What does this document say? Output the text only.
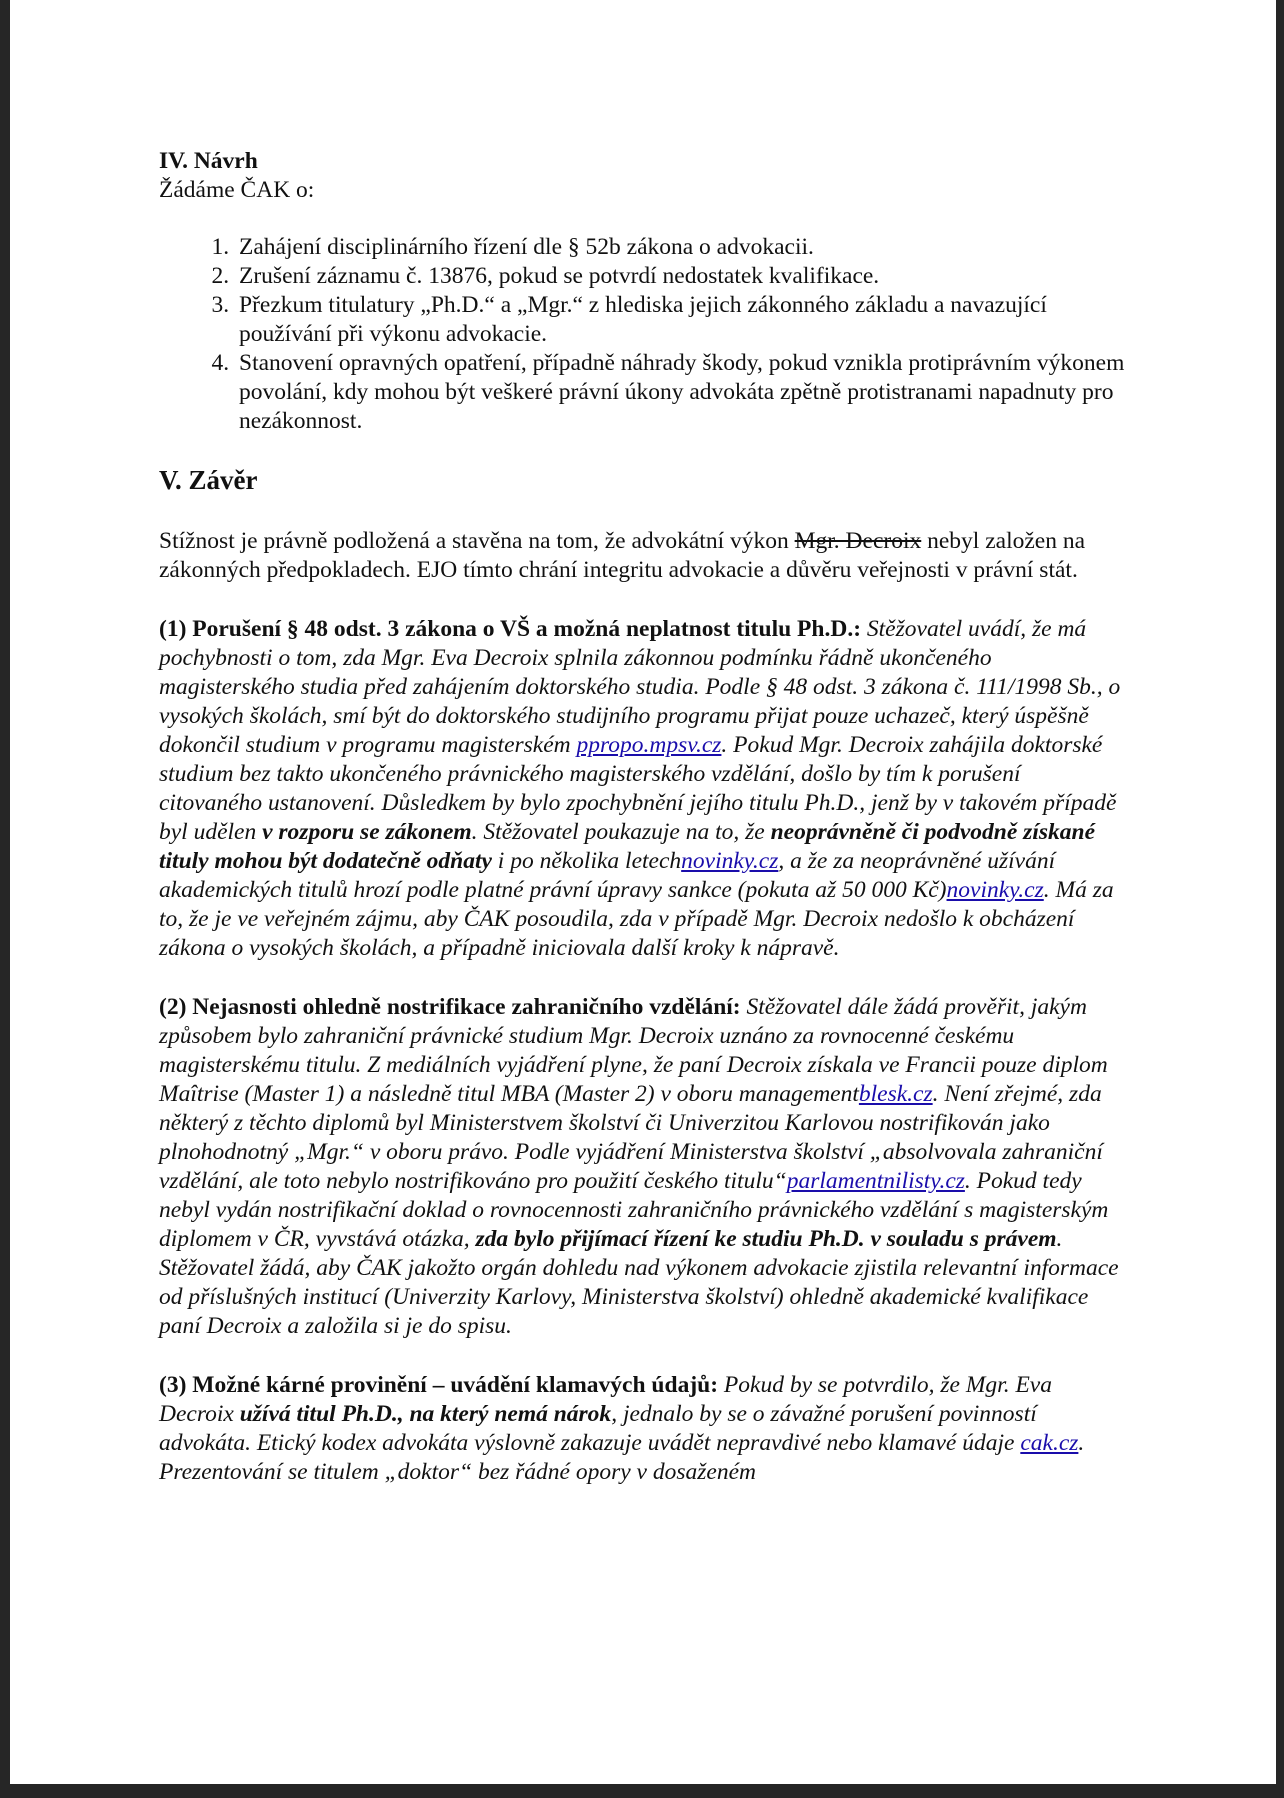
IV. Návrh
Žádáme ČAK o:
1. Zahájení disciplinárního řízení dle § 52b zákona o advokacii.
2. Zrušení záznamu č. 13876, pokud se potvrdí nedostatek kvalifikace.
3. Přezkum titulatury „Ph.D.“ a „Mgr.“ z hlediska jejich zákonného základu a navazující používání při výkonu advokacie.
4. Stanovení opravných opatření, případně náhrady škody, pokud vznikla protiprávním výkonem povolání, kdy mohou být veškeré právní úkony advokáta zpětně protistranami napadnuty pro nezákonnost.
V. Závěr

Stížnost je právně podložená a stavěna na tom, že advokátní výkon Mgr. Decroix nebyl založen na zákonných předpokladech. EJO tímto chrání integritu advokacie a důvěru veřejnosti v právní stát.

(1) Porušení § 48 odst. 3 zákona o VŠ a možná neplatnost titulu Ph.D.: Stěžovatel uvádí, že má pochybnosti o tom, zda Mgr. Eva Decroix splnila zákonnou podmínku řádně ukončeného magisterského studia před zahájením doktorského studia. Podle § 48 odst. 3 zákona č. 111/1998 Sb., o vysokých školách, smí být do doktorského studijního programu přijat pouze uchazeč, který úspěšně dokončil studium v programu magisterském ppropo.mpsv.cz. Pokud Mgr. Decroix zahájila doktorské studium bez takto ukončeného právnického magisterského vzdělání, došlo by tím k porušení citovaného ustanovení. Důsledkem by bylo zpochybnění jejího titulu Ph.D., jenž by v takovém případě byl udělen v rozporu se zákonem. Stěžovatel poukazuje na to, že neoprávněně či podvodně získané tituly mohou být dodatečně odňaty i po několika letechnovinky.cz, a že za neoprávněné užívání akademických titulů hrozí podle platné právní úpravy sankce (pokuta až 50 000 Kč)novinky.cz. Má za to, že je ve veřejném zájmu, aby ČAK posoudila, zda v případě Mgr. Decroix nedošlo k obcházení zákona o vysokých školách, a případně iniciovala další kroky k nápravě.

(2) Nejasnosti ohledně nostrifikace zahraničního vzdělání: Stěžovatel dále žádá prověřit, jakým způsobem bylo zahraniční právnické studium Mgr. Decroix uznáno za rovnocenné českému magisterskému titulu. Z mediálních vyjádření plyne, že paní Decroix získala ve Francii pouze diplom Maîtrise (Master 1) a následně titul MBA (Master 2) v oboru managementblesk.cz. Není zřejmé, zda některý z těchto diplomů byl Ministerstvem školství či Univerzitou Karlovou nostrifikován jako plnohodnotný „Mgr.“ v oboru právo. Podle vyjádření Ministerstva školství „absolvovala zahraniční vzdělání, ale toto nebylo nostrifikováno pro použití českého titulu“parlamentnilisty.cz. Pokud tedy nebyl vydán nostrifikační doklad o rovnocennosti zahraničního právnického vzdělání s magisterským diplomem v ČR, vyvstává otázka, zda bylo přijímací řízení ke studiu Ph.D. v souladu s právem. Stěžovatel žádá, aby ČAK jakožto orgán dohledu nad výkonem advokacie zjistila relevantní informace od příslušných institucí (Univerzity Karlovy, Ministerstva školství) ohledně akademické kvalifikace paní Decroix a založila si je do spisu.

(3) Možné kárné provinění – uvádění klamavých údajů: Pokud by se potvrdilo, že Mgr. Eva Decroix užívá titul Ph.D., na který nemá nárok, jednalo by se o závažné porušení povinností advokáta. Etický kodex advokáta výslovně zakazuje uvádět nepravdivé nebo klamavé údaje cak.cz. Prezentování se titulem „doktor“ bez řádné opory v dosaženém
